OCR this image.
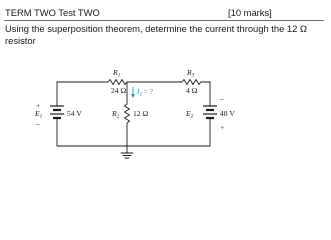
TERM TWO Test TWO	[10 marks]
Using the superposition theorem, determine the current through the 12 Ω resistor
R1
24 Ω
R3
4 Ω
$I_2$ = ?
R2 12 Ω
+
E1
–
54 V
–
E2	48 V
+
